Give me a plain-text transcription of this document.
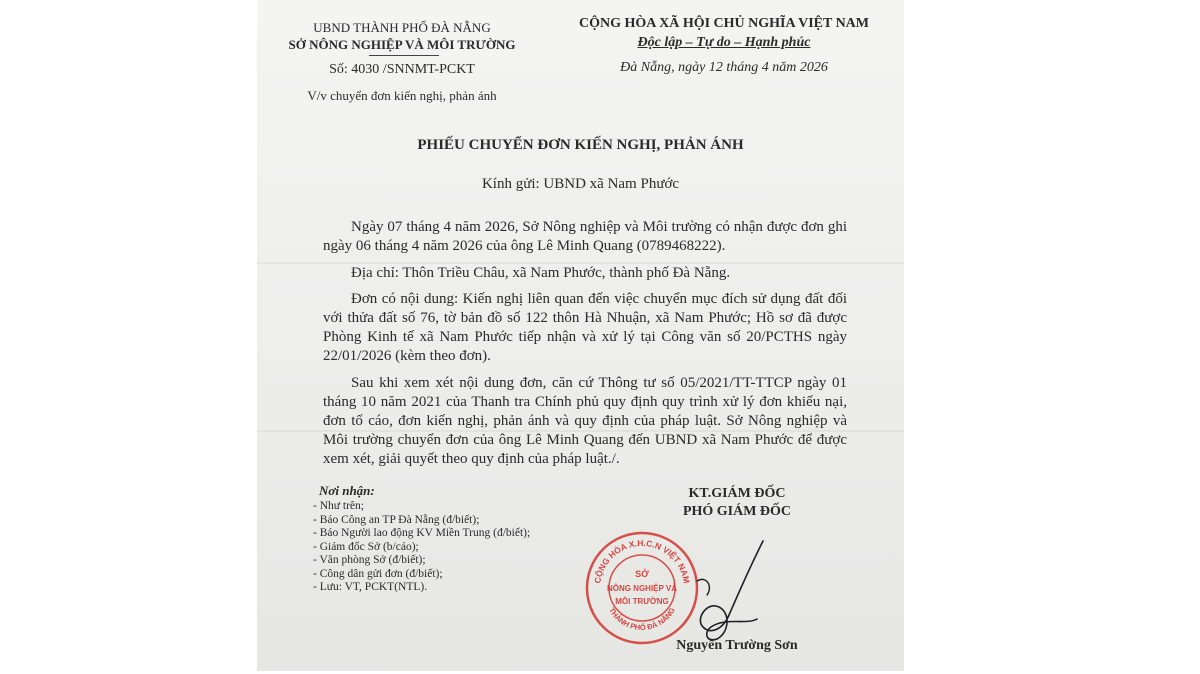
UBND THÀNH PHỐ ĐÀ NẴNG
SỞ NÔNG NGHIỆP VÀ MÔI TRƯỜNG
Số: 4030 /SNNMT-PCKT
V/v chuyển đơn kiến nghị, phản ánh
CỘNG HÒA XÃ HỘI CHỦ NGHĨA VIỆT NAM
Độc lập – Tự do – Hạnh phúc
Đà Nẵng, ngày 12 tháng 4 năm 2026
PHIẾU CHUYỂN ĐƠN KIẾN NGHỊ, PHẢN ÁNH
Kính gửi: UBND xã Nam Phước
Ngày 07 tháng 4 năm 2026, Sở Nông nghiệp và Môi trường có nhận được đơn ghi ngày 06 tháng 4 năm 2026 của ông Lê Minh Quang (0789468222).
Địa chỉ: Thôn Triều Châu, xã Nam Phước, thành phố Đà Nẵng.
Đơn có nội dung: Kiến nghị liên quan đến việc chuyển mục đích sử dụng đất đối với thửa đất số 76, tờ bản đồ số 122 thôn Hà Nhuận, xã Nam Phước; Hồ sơ đã được Phòng Kinh tế xã Nam Phước tiếp nhận và xử lý tại Công văn số 20/PCTHS ngày 22/01/2026 (kèm theo đơn).
Sau khi xem xét nội dung đơn, căn cứ Thông tư số 05/2021/TT-TTCP ngày 01 tháng 10 năm 2021 của Thanh tra Chính phủ quy định quy trình xử lý đơn khiếu nại, đơn tố cáo, đơn kiến nghị, phản ánh và quy định của pháp luật. Sở Nông nghiệp và Môi trường chuyển đơn của ông Lê Minh Quang đến UBND xã Nam Phước để được xem xét, giải quyết theo quy định của pháp luật./.
Nơi nhận:
- Như trên;
- Báo Công an TP Đà Nẵng (đ/biết);
- Báo Người lao động KV Miền Trung (đ/biết);
- Giám đốc Sở (b/cáo);
- Văn phòng Sở (đ/biết);
- Công dân gửi đơn (đ/biết);
- Lưu: VT, PCKT(NTL).
KT.GIÁM ĐỐC
PHÓ GIÁM ĐỐC
CỘNG HÒA X.H.C.N VIỆT NAM
THÀNH PHỐ ĐÀ NẴNG
SỞ
NÔNG NGHIỆP VÀ
MÔI TRƯỜNG
Nguyễn Trường Sơn
